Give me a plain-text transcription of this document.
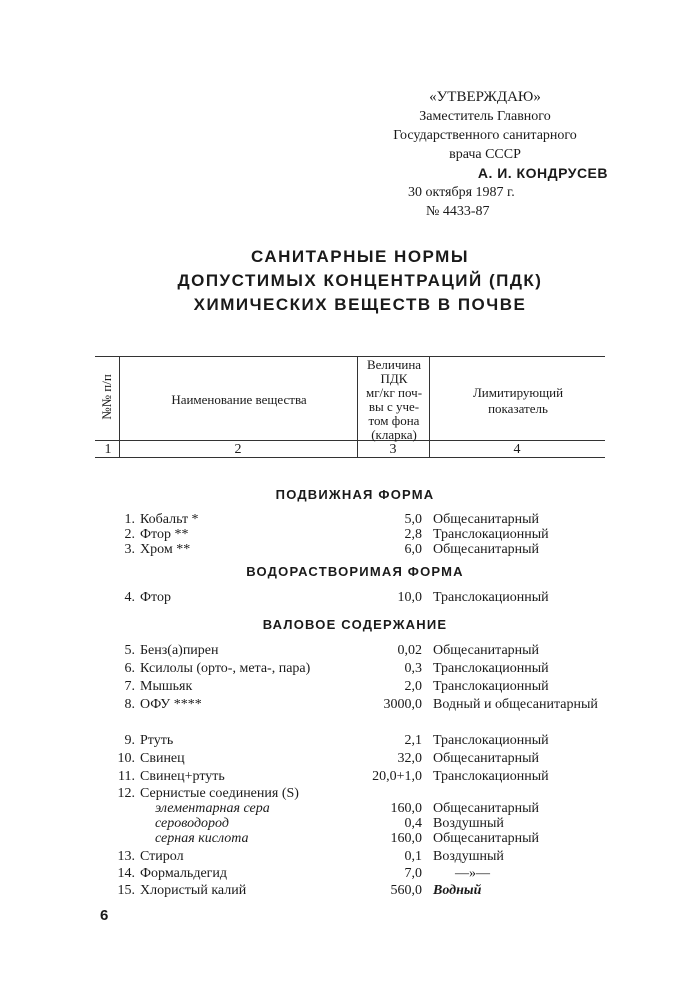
«УТВЕРЖДАЮ»
Заместитель Главного
Государственного санитарного
врача СССР
А. И. КОНДРУСЕВ
30 октября 1987 г.
№ 4433-87
САНИТАРНЫЕ НОРМЫ
ДОПУСТИМЫХ КОНЦЕНТРАЦИЙ (ПДК)
ХИМИЧЕСКИХ ВЕЩЕСТВ В ПОЧВЕ
№№ п/п	Наименование вещества
Величина
ПДК
мг/кг поч-
вы с уче-
том фона
(кларка)
Лимитирующий
показатель
1	2	3	4
ПОДВИЖНАЯ ФОРМА
1. Кобальт *	5,0 Общесанитарный
2. Фтор **	2,8 Транслокационный
3. Хром **	6,0 Общесанитарный
ВОДОРАСТВОРИМАЯ ФОРМА
4. Фтор	10,0 Транслокационный
ВАЛОВОЕ СОДЕРЖАНИЕ
5. Бенз(а)пирен	0,02 Общесанитарный
6. Ксилолы (орто-, мета-, пара)	0,3 Транслокационный
7. Мышьяк	2,0 Транслокационный
8. ОФУ ****	3000,0 Водный и общесанитарный
9. Ртуть	2,1 Транслокационный
10. Свинец	32,0 Общесанитарный
11. Свинец+ртуть	20,0+1,0 Транслокационный
12. Сернистые соединения (S)
элементарная сера	160,0 Общесанитарный
сероводород	0,4 Воздушный
серная кислота	160,0 Общесанитарный
13. Стирол	0,1 Воздушный
14. Формальдегид	7,0	—»—
15. Хлористый калий	560,0 Водный
6
